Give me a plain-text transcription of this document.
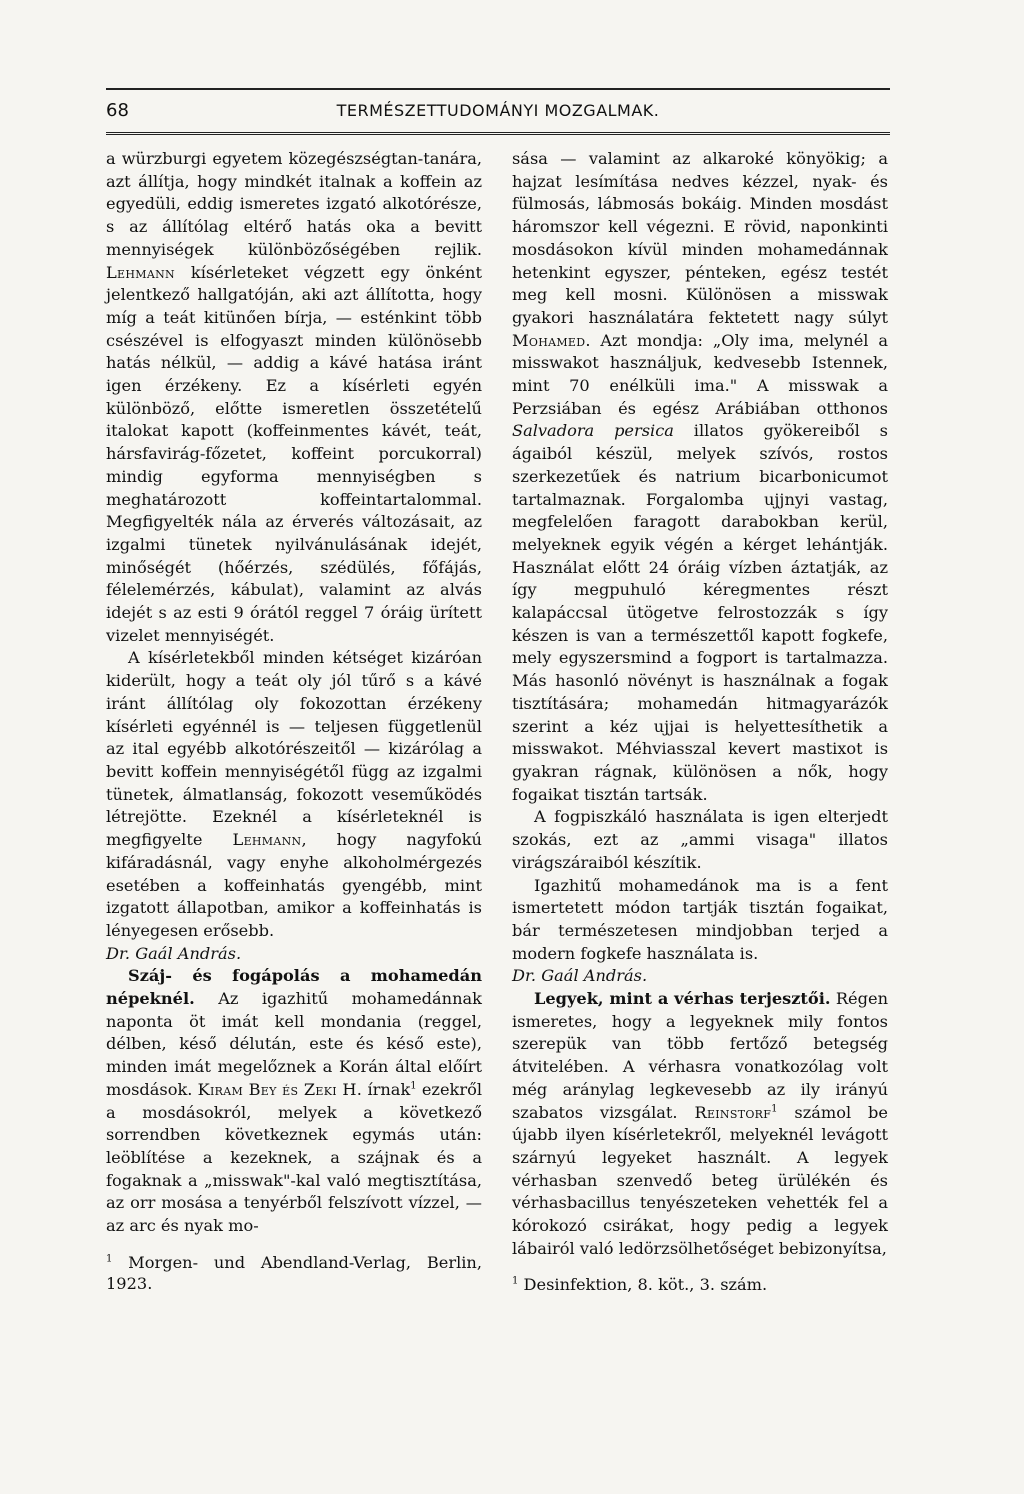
68	TERMÉSZETTUDOMÁNYI MOZGALMAK.

a würzburgi egyetem közegészségtan-tanára, azt állítja, hogy mindkét italnak a koffein az egyedüli, eddig ismeretes izgató alkotórésze, s az állítólag eltérő hatás oka a bevitt mennyiségek különbözőségében rejlik. Lehmann kísérleteket végzett egy önként jelentkező hallgatóján, aki azt állította, hogy míg a teát kitünően bírja, — esténkint több csészével is elfogyaszt minden különösebb hatás nélkül, — addig a kávé hatása iránt igen érzékeny. Ez a kísérleti egyén különböző, előtte ismeretlen összetételű italokat kapott (koffeinmentes kávét, teát, hársfavirág-főzetet, koffeint porcukorral) mindig egyforma mennyiségben s meghatározott koffeintartalommal. Megfigyelték nála az érverés változásait, az izgalmi tünetek nyilvánulásának idejét, minőségét (hőérzés, szédülés, főfájás, félelemérzés, kábulat), valamint az alvás idejét s az esti 9 órától reggel 7 óráig ürített vizelet mennyiségét.

A kísérletekből minden kétséget kizáróan kiderült, hogy a teát oly jól tűrő s a kávé iránt állítólag oly fokozottan érzékeny kísérleti egyénnél is — teljesen függetlenül az ital egyébb alkotórészeitől — kizárólag a bevitt koffein mennyiségétől függ az izgalmi tünetek, álmatlanság, fokozott veseműködés létrejötte. Ezeknél a kísérleteknél is megfigyelte Lehmann, hogy nagyfokú kifáradásnál, vagy enyhe alkoholmérgezés esetében a koffeinhatás gyengébb, mint izgatott állapotban, amikor a koffeinhatás is lényegesen erősebb.

Dr. Gaál András.

Száj- és fogápolás a mohamedán népeknél. Az igazhitű mohamedánnak naponta öt imát kell mondania (reggel, délben, késő délután, este és késő este), minden imát megelőznek a Korán által előírt mosdások. Kiram Bey és Zeki H. írnak$^1$ ezekről a mosdásokról, melyek a következő sorrendben következnek egymás után: leöblítése a kezeknek, a szájnak és a fogaknak a „misswak"-kal való megtisztítása, az orr mosása a tenyérből felszívott vízzel, — az arc és nyak mo-

$^1$ Morgen- und Abendland-Verlag, Berlin, 1923.

sása — valamint az alkaroké könyökig; a hajzat lesímítása nedves kézzel, nyak- és fülmosás, lábmosás bokáig. Minden mosdást háromszor kell végezni. E rövid, naponkinti mosdásokon kívül minden mohamedánnak hetenkint egyszer, pénteken, egész testét meg kell mosni. Különösen a misswak gyakori használatára fektetett nagy súlyt Mohamed. Azt mondja: „Oly ima, melynél a misswakot használjuk, kedvesebb Istennek, mint 70 enélküli ima." A misswak a Perzsiában és egész Arábiában otthonos Salvadora persica illatos gyökereiből s ágaiból készül, melyek szívós, rostos szerkezetűek és natrium bicarbonicumot tartalmaznak. Forgalomba ujjnyi vastag, megfelelően faragott darabokban kerül, melyeknek egyik végén a kérget lehántják. Használat előtt 24 óráig vízben áztatják, az így megpuhuló kéregmentes részt kalapáccsal ütögetve felrostozzák s így készen is van a természettől kapott fogkefe, mely egyszersmind a fogport is tartalmazza. Más hasonló növényt is használnak a fogak tisztítására; mohamedán hitmagyarázók szerint a kéz ujjai is helyettesíthetik a misswakot. Méhviasszal kevert mastixot is gyakran rágnak, különösen a nők, hogy fogaikat tisztán tartsák.

A fogpiszkáló használata is igen elterjedt szokás, ezt az „ammi visaga" illatos virágszáraiból készítik.

Igazhitű mohamedánok ma is a fent ismertetett módon tartják tisztán fogaikat, bár természetesen mindjobban terjed a modern fogkefe használata is.

Dr. Gaál András.

Legyek, mint a vérhas terjesztői. Régen ismeretes, hogy a legyeknek mily fontos szerepük van több fertőző betegség átvitelében. A vérhasra vonatkozólag volt még aránylag legkevesebb az ily irányú szabatos vizsgálat. Reinstorf$^1$ számol be újabb ilyen kísérletekről, melyeknél levágott szárnyú legyeket használt. A legyek vérhasban szenvedő beteg ürülékén és vérhasbacillus tenyészeteken vehették fel a kórokozó csirákat, hogy pedig a legyek lábairól való ledörzsölhetőséget bebizonyítsa,

$^1$ Desinfektion, 8. köt., 3. szám.
